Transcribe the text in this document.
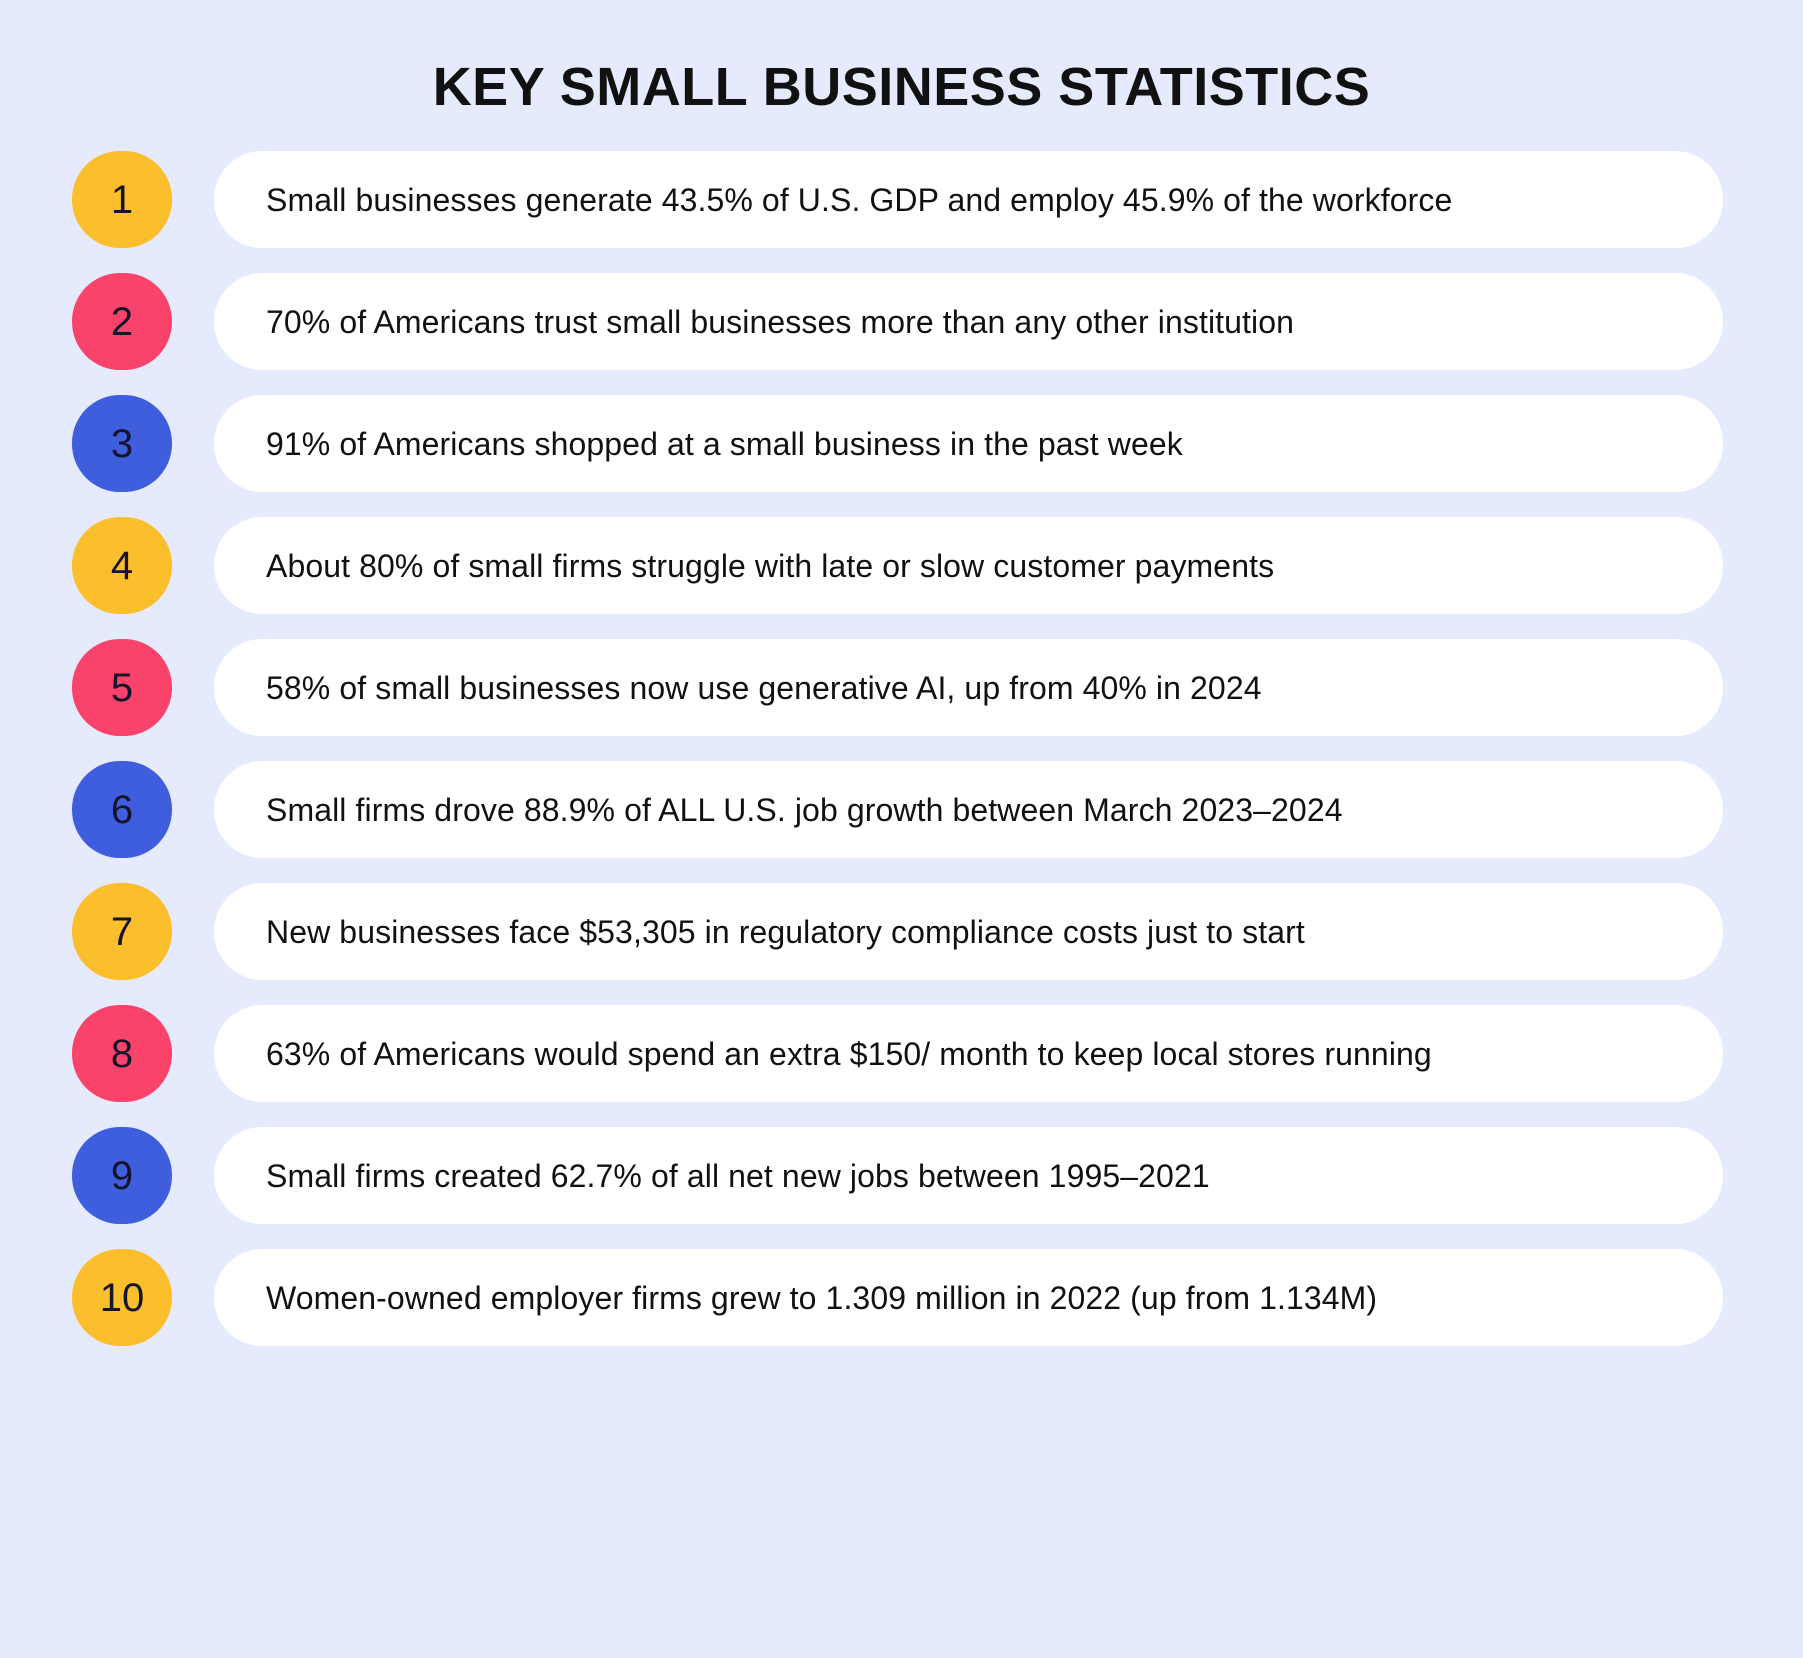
KEY SMALL BUSINESS STATISTICS
1	Small businesses generate 43.5% of U.S. GDP and employ 45.9% of the workforce
2	70% of Americans trust small businesses more than any other institution
3	91% of Americans shopped at a small business in the past week
4	About 80% of small firms struggle with late or slow customer payments
5	58% of small businesses now use generative AI, up from 40% in 2024
6	Small firms drove 88.9% of ALL U.S. job growth between March 2023–2024
7	New businesses face $53,305 in regulatory compliance costs just to start
8	63% of Americans would spend an extra $150/ month to keep local stores running
9	Small firms created 62.7% of all net new jobs between 1995–2021
10	Women-owned employer firms grew to 1.309 million in 2022 (up from 1.134M)
